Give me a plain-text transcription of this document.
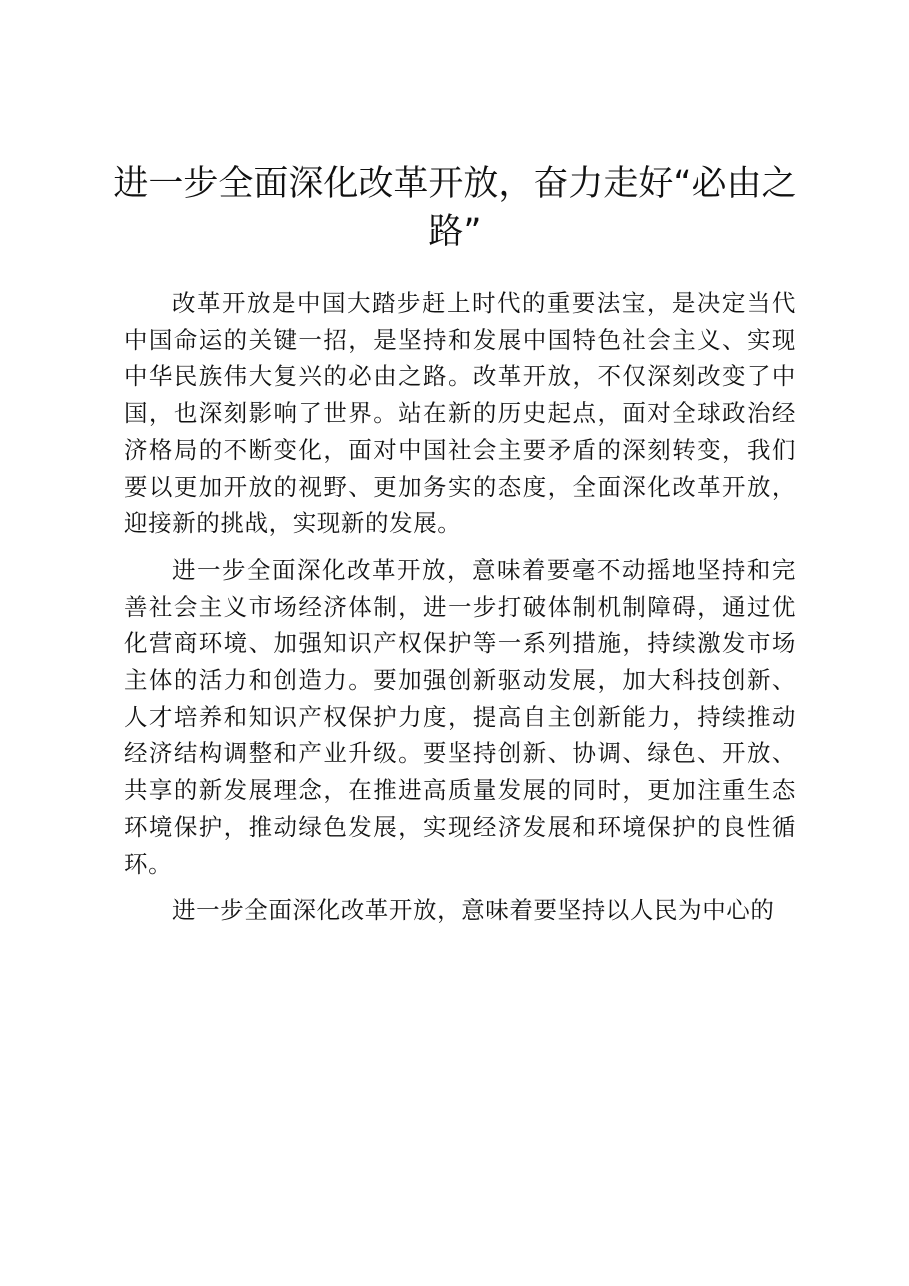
进一步全面深化改革开放，奋力走好“必由之路”

改革开放是中国大踏步赶上时代的重要法宝，是决定当代中国命运的关键一招，是坚持和发展中国特色社会主义、实现中华民族伟大复兴的必由之路。改革开放，不仅深刻改变了中国，也深刻影响了世界。站在新的历史起点，面对全球政治经济格局的不断变化，面对中国社会主要矛盾的深刻转变，我们要以更加开放的视野、更加务实的态度，全面深化改革开放，迎接新的挑战，实现新的发展。

进一步全面深化改革开放，意味着要毫不动摇地坚持和完善社会主义市场经济体制，进一步打破体制机制障碍，通过优化营商环境、加强知识产权保护等一系列措施，持续激发市场主体的活力和创造力。要加强创新驱动发展，加大科技创新、人才培养和知识产权保护力度，提高自主创新能力，持续推动经济结构调整和产业升级。要坚持创新、协调、绿色、开放、共享的新发展理念，在推进高质量发展的同时，更加注重生态环境保护，推动绿色发展，实现经济发展和环境保护的良性循环。

进一步全面深化改革开放，意味着要坚持以人民为中心的
